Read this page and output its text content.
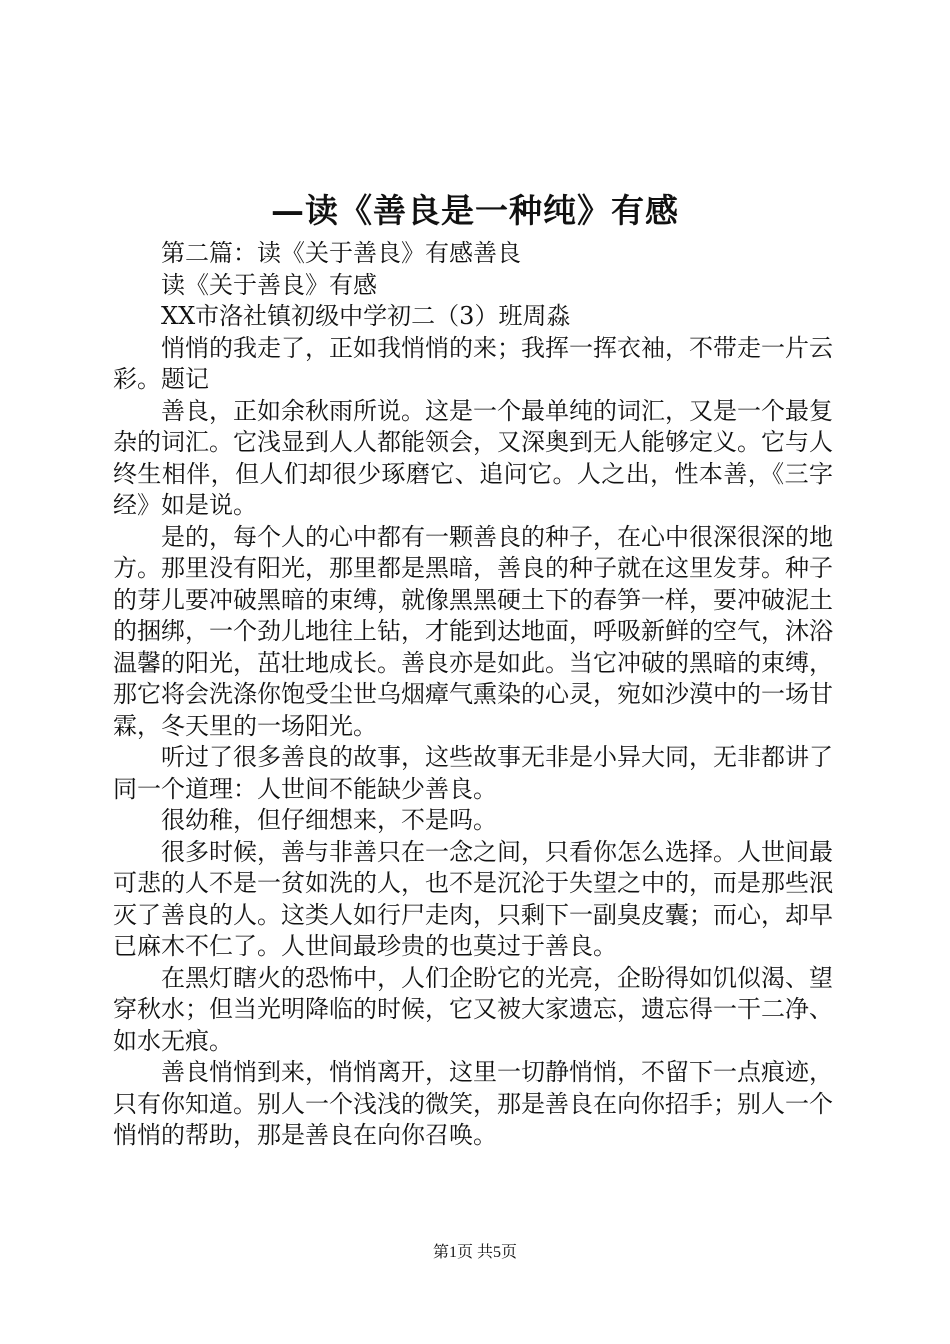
—读《善良是一种纯》有感

第二篇：读《关于善良》有感善良

读《关于善良》有感

XX市洛社镇初级中学初二（3）班周淼

悄悄的我走了，正如我悄悄的来；我挥一挥衣袖，不带走一片云彩。题记

善良，正如余秋雨所说。这是一个最单纯的词汇，又是一个最复杂的词汇。它浅显到人人都能领会，又深奥到无人能够定义。它与人终生相伴，但人们却很少琢磨它、追问它。人之出，性本善，《三字经》如是说。

是的，每个人的心中都有一颗善良的种子，在心中很深很深的地方。那里没有阳光，那里都是黑暗，善良的种子就在这里发芽。种子的芽儿要冲破黑暗的束缚，就像黑黑硬土下的春笋一样，要冲破泥土的捆绑，一个劲儿地往上钻，才能到达地面，呼吸新鲜的空气，沐浴温馨的阳光，茁壮地成长。善良亦是如此。当它冲破的黑暗的束缚，那它将会洗涤你饱受尘世乌烟瘴气熏染的心灵，宛如沙漠中的一场甘霖，冬天里的一场阳光。

听过了很多善良的故事，这些故事无非是小异大同，无非都讲了同一个道理：人世间不能缺少善良。

很幼稚，但仔细想来，不是吗。

很多时候，善与非善只在一念之间，只看你怎么选择。人世间最可悲的人不是一贫如洗的人，也不是沉沦于失望之中的，而是那些泯灭了善良的人。这类人如行尸走肉，只剩下一副臭皮囊；而心，却早已麻木不仁了。人世间最珍贵的也莫过于善良。

在黑灯瞎火的恐怖中，人们企盼它的光亮，企盼得如饥似渴、望穿秋水；但当光明降临的时候，它又被大家遗忘，遗忘得一干二净、如水无痕。

善良悄悄到来，悄悄离开，这里一切静悄悄，不留下一点痕迹，只有你知道。别人一个浅浅的微笑，那是善良在向你招手；别人一个悄悄的帮助，那是善良在向你召唤。

第1页 共5页
